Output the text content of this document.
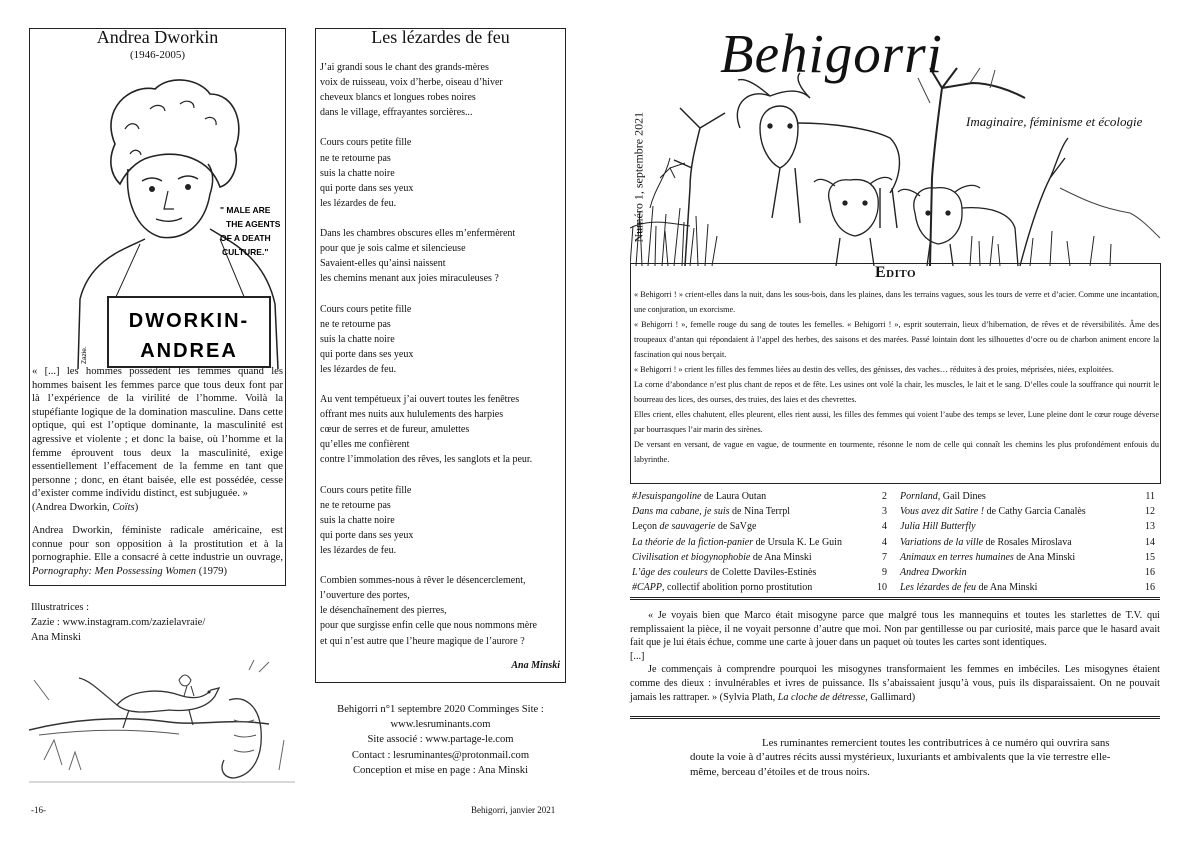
Andrea Dworkin
(1946-2005)
DWORKIN-
ANDREA
" MALE ARE THE AGENTS OF A DEATH CULTURE."
Zazie.

« [...] les hommes possèdent les femmes quand les hommes baisent les femmes parce que tous deux font par là l’expérience de la virilité de l’homme. Voilà la stupéfiante logique de la domination masculine. Dans cette optique, qui est l’optique dominante, la masculinité est agressive et violente ; et donc la baise, où l’homme et la femme éprouvent tous deux la masculinité, exige essentiellement l’effacement de la femme en tant que personne ; donc, en étant baisée, elle est possédée, cesse d’exister comme individu distinct, est subjuguée. »
(Andrea Dworkin, Coïts)

Andrea Dworkin, féministe radicale américaine, est connue pour son opposition à la prostitution et à la pornographie. Elle a consacré à cette industrie un ouvrage, Pornography: Men Possessing Women (1979)

Illustratrices :
Zazie : www.instagram.com/zazielavraie/
Ana Minski
Les lézardes de feu
J’ai grandi sous le chant des grands-mères
voix de ruisseau, voix d’herbe, oiseau d’hiver
cheveux blancs et longues robes noires
dans le village, effrayantes sorcières...
Cours cours petite fille
ne te retourne pas
suis la chatte noire
qui porte dans ses yeux
les lézardes de feu.
Dans les chambres obscures elles m’enfermèrent
pour que je sois calme et silencieuse
Savaient-elles qu’ainsi naissent
les chemins menant aux joies miraculeuses ?
Cours cours petite fille
ne te retourne pas
suis la chatte noire
qui porte dans ses yeux
les lézardes de feu.
Au vent tempétueux j’ai ouvert toutes les fenêtres
offrant mes nuits aux hululements des harpies
cœur de serres et de fureur, amulettes
qu’elles me confièrent
contre l’immolation des rêves, les sanglots et la peur.
Cours cours petite fille
ne te retourne pas
suis la chatte noire
qui porte dans ses yeux
les lézardes de feu.
Combien sommes-nous à rêver le désencerclement,
l’ouverture des portes,
le désenchaînement des pierres,
pour que surgisse enfin celle que nous nommons mère
et qui n’est autre que l’heure magique de l’aurore ?
Ana Minski
Behigorri n°1 septembre 2020 Comminges Site :
www.lesruminants.com
Site associé : www.partage-le.com
Contact : lesruminantes@protonmail.com
Conception et mise en page : Ana Minski
-16-	Behigorri, janvier 2021
Numéro 1, septembre 2021
Behigorri
Imaginaire, féminisme et écologie
Edito

« Behigorri ! » crient-elles dans la nuit, dans les sous-bois, dans les plaines, dans les terrains vagues, sous les tours de verre et d’acier. Comme une incantation, une conjuration, un exorcisme.

« Behigorri ! », femelle rouge du sang de toutes les femelles. « Behigorri ! », esprit souterrain, lieux d’hibernation, de rêves et de réversibilités. Âme des troupeaux d’antan qui répondaient à l’appel des herbes, des saisons et des marées. Passé lointain dont les silhouettes d’ocre ou de charbon animent encore la fascination qui nous berçait.

« Behigorri ! » crient les filles des femmes liées au destin des velles, des génisses, des vaches… réduites à des proies, méprisées, niées, exploitées.

La corne d’abondance n’est plus chant de repos et de fête. Les usines ont volé la chair, les muscles, le lait et le sang. D’elles coule la souffrance qui nourrit le bourreau des lices, des ourses, des truies, des laies et des chevrettes.

Elles crient, elles chahutent, elles pleurent, elles rient aussi, les filles des femmes qui voient l’aube des temps se lever, Lune pleine dont le cœur rouge déverse par bourrasques l’air marin des sirènes.

De versant en versant, de vague en vague, de tourmente en tourmente, résonne le nom de celle qui connaît les chemins les plus profondément enfouis du labyrinthe.

#Jesuispangoline de Laura Outan	2
Dans ma cabane, je suis de Nina Terrpl	3
Leçon de sauvagerie de SaVge	4
La théorie de la fiction-panier de Ursula K. Le Guin	4
Civilisation et biogynophobie de Ana Minski	7
L’âge des couleurs de Colette Daviles-Estinès	9
#CAPP, collectif abolition porno prostitution	10
Pornland, Gail Dines	11
Vous avez dit Satire ! de Cathy Garcia Canalès	12
Julia Hill Butterfly	13
Variations de la ville de Rosales Miroslava	14
Animaux en terres humaines de Ana Minski	15
Andrea Dworkin	16
Les lézardes de feu de Ana Minski	16

« Je voyais bien que Marco était misogyne parce que malgré tous les mannequins et toutes les starlettes de T.V. qui remplissaient la pièce, il ne voyait personne d’autre que moi. Non par gentillesse ou par curiosité, mais parce que le hasard avait fait que je lui étais échue, comme une carte à jouer dans un paquet où toutes les cartes sont identiques.

[...]

Je commençais à comprendre pourquoi les misogynes transformaient les femmes en imbéciles. Les misogynes étaient comme des dieux : invulnérables et ivres de puissance. Ils s’abaissaient jusqu’à vous, puis ils disparaissaient. On ne pouvait jamais les rattraper. » (Sylvia Plath, La cloche de détresse, Gallimard)

Les ruminantes remercient toutes les contributrices à ce numéro qui ouvrira sans doute la voie à d’autres récits aussi mystérieux, luxuriants et ambivalents que la vie terrestre elle-même, berceau d’étoiles et de trous noirs.
